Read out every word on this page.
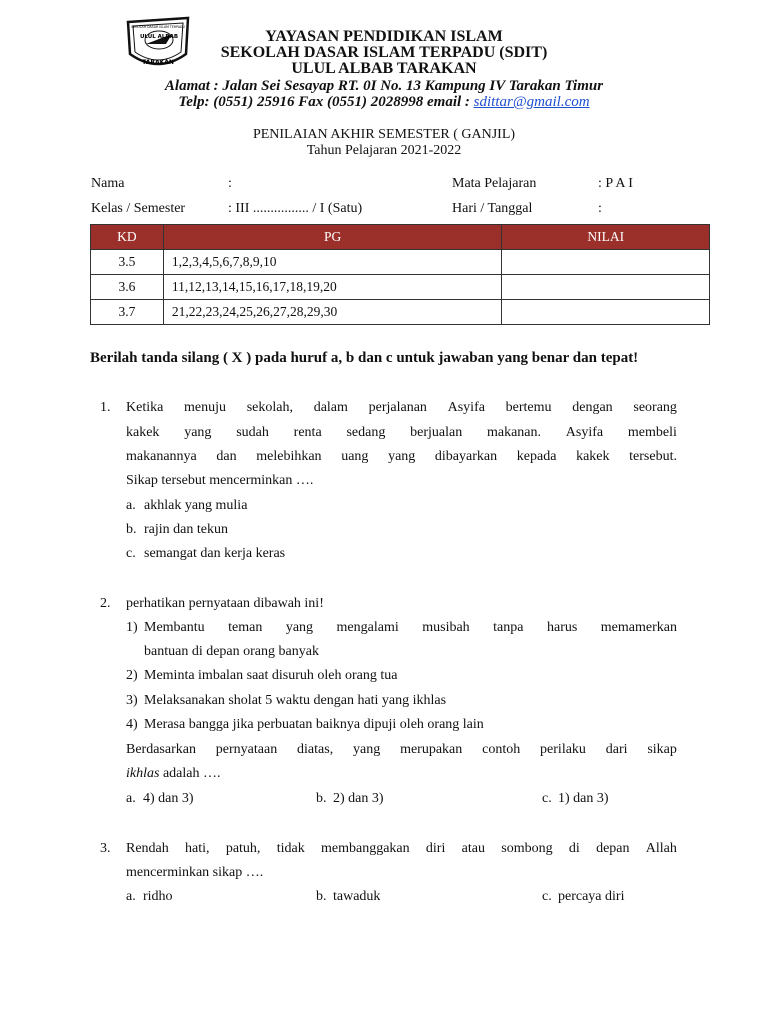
ULUL ALBAB
TARAKAN
SEKOLAH DASAR ISLAM TERPADU
YAYASAN PENDIDIKAN ISLAM
SEKOLAH DASAR ISLAM TERPADU (SDIT)
ULUL ALBAB TARAKAN
Alamat : Jalan Sei Sesayap RT. 0I No. 13 Kampung IV Tarakan Timur
Telp: (0551) 25916 Fax (0551) 2028998 email : sdittar@gmail.com
PENILAIAN AKHIR SEMESTER ( GANJIL)
Tahun Pelajaran 2021-2022
Nama	:	Mata Pelajaran	: P A I
Kelas / Semester	: III ................ / I (Satu)	Hari / Tanggal	:
KD	PG	NILAI
3.5	1,2,3,4,5,6,7,8,9,10	
3.6	11,12,13,14,15,16,17,18,19,20	
3.7	21,22,23,24,25,26,27,28,29,30	
Berilah tanda silang ( X ) pada huruf a, b dan c untuk jawaban yang benar dan tepat!
1. Ketika menuju sekolah, dalam perjalanan Asyifa bertemu dengan seorang
kakek yang sudah renta sedang berjualan makanan. Asyifa membeli
makanannya dan melebihkan uang yang dibayarkan kepada kakek tersebut.
Sikap tersebut mencerminkan ….
a. akhlak yang mulia
b. rajin dan tekun
c. semangat dan kerja keras
2. perhatikan pernyataan dibawah ini!
1) Membantu teman yang mengalami musibah tanpa harus memamerkan
bantuan di depan orang banyak
2) Meminta imbalan saat disuruh oleh orang tua
3) Melaksanakan sholat 5 waktu dengan hati yang ikhlas
4) Merasa bangga jika perbuatan baiknya dipuji oleh orang lain
Berdasarkan pernyataan diatas, yang merupakan contoh perilaku dari sikap
ikhlas adalah ….
a. 4) dan 3)	b. 2) dan 3)	c. 1) dan 3)
3. Rendah hati, patuh, tidak membanggakan diri atau sombong di depan Allah
mencerminkan sikap ….
a. ridho	b. tawaduk	c. percaya diri
